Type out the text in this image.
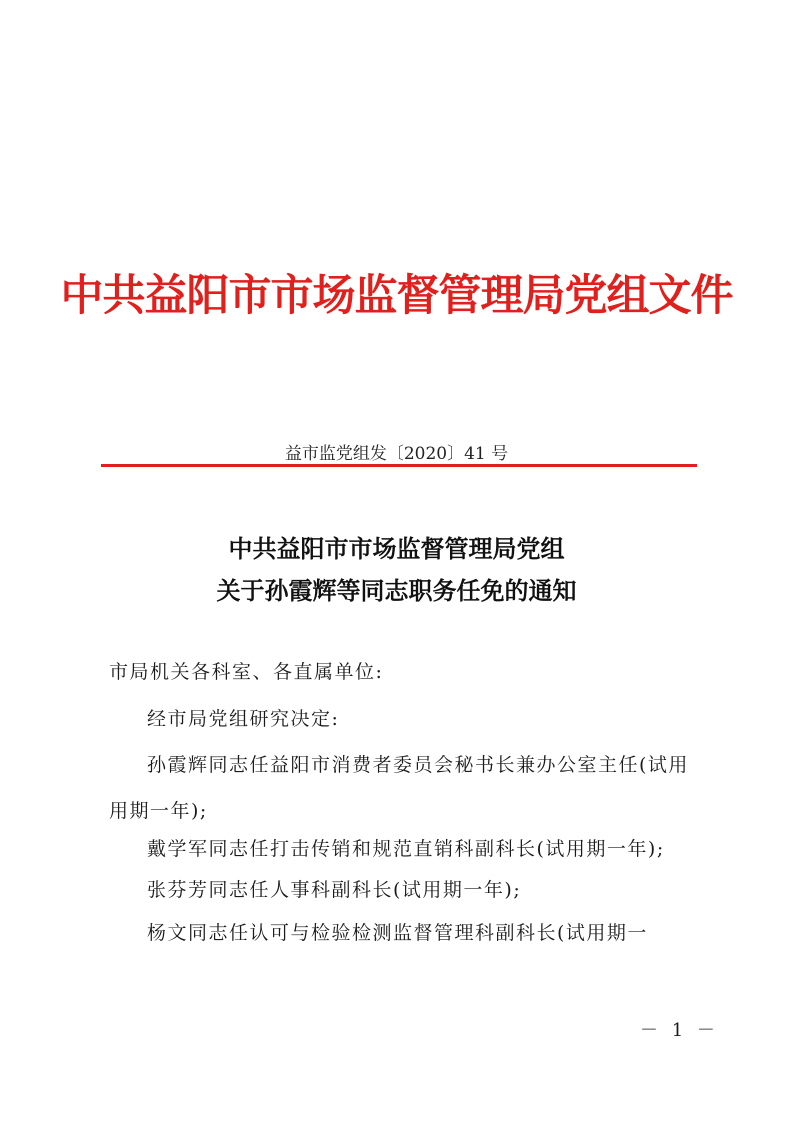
中共益阳市市场监督管理局党组文件
益市监党组发〔2020〕41 号
中共益阳市市场监督管理局党组
关于孙霞辉等同志职务任免的通知
市局机关各科室、各直属单位:
经市局党组研究决定:
孙霞辉同志任益阳市消费者委员会秘书长兼办公室主任(试用
用期一年);
戴学军同志任打击传销和规范直销科副科长(试用期一年);
张芬芳同志任人事科副科长(试用期一年);
杨文同志任认可与检验检测监督管理科副科长(试用期一
－ 1 －
